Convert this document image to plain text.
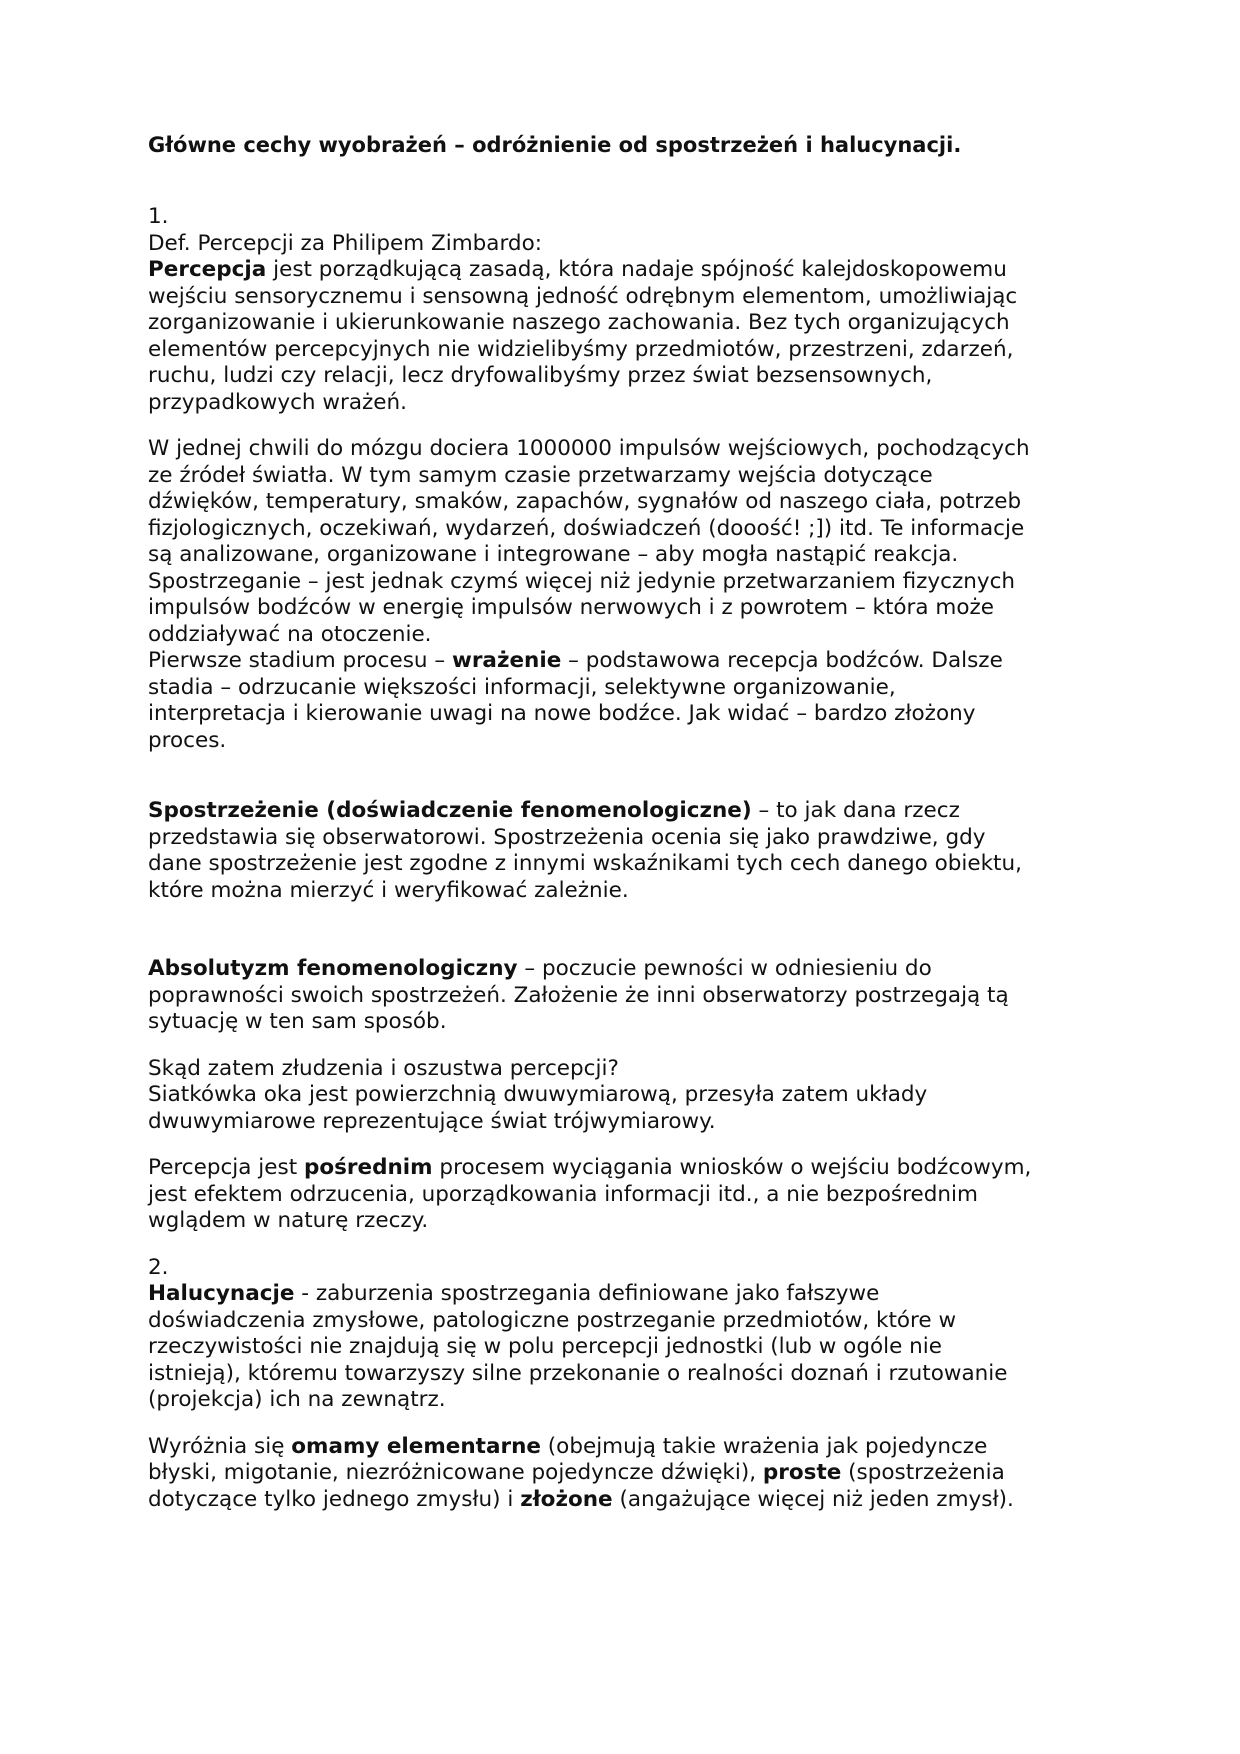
Główne cechy wyobrażeń – odróżnienie od spostrzeżeń i halucynacji.

1.

Def. Percepcji za Philipem Zimbardo:

Percepcja jest porządkującą zasadą, która nadaje spójność kalejdoskopowemu
wejściu sensorycznemu i sensowną jedność odrębnym elementom, umożliwiając
zorganizowanie i ukierunkowanie naszego zachowania. Bez tych organizujących
elementów percepcyjnych nie widzielibyśmy przedmiotów, przestrzeni, zdarzeń,
ruchu, ludzi czy relacji, lecz dryfowalibyśmy przez świat bezsensownych,
przypadkowych wrażeń.

W jednej chwili do mózgu dociera 1000000 impulsów wejściowych, pochodzących
ze źródeł światła. W tym samym czasie przetwarzamy wejścia dotyczące
dźwięków, temperatury, smaków, zapachów, sygnałów od naszego ciała, potrzeb
fizjologicznych, oczekiwań, wydarzeń, doświadczeń (dooość! ;]) itd. Te informacje
są analizowane, organizowane i integrowane – aby mogła nastąpić reakcja.
Spostrzeganie – jest jednak czymś więcej niż jedynie przetwarzaniem fizycznych
impulsów bodźców w energię impulsów nerwowych i z powrotem – która może
oddziaływać na otoczenie.
Pierwsze stadium procesu – wrażenie – podstawowa recepcja bodźców. Dalsze
stadia – odrzucanie większości informacji, selektywne organizowanie,
interpretacja i kierowanie uwagi na nowe bodźce. Jak widać – bardzo złożony
proces.

Spostrzeżenie (doświadczenie fenomenologiczne) – to jak dana rzecz
przedstawia się obserwatorowi. Spostrzeżenia ocenia się jako prawdziwe, gdy
dane spostrzeżenie jest zgodne z innymi wskaźnikami tych cech danego obiektu,
które można mierzyć i weryfikować zależnie.

Absolutyzm fenomenologiczny – poczucie pewności w odniesieniu do
poprawności swoich spostrzeżeń. Założenie że inni obserwatorzy postrzegają tą
sytuację w ten sam sposób.

Skąd zatem złudzenia i oszustwa percepcji?
Siatkówka oka jest powierzchnią dwuwymiarową, przesyła zatem układy
dwuwymiarowe reprezentujące świat trójwymiarowy.

Percepcja jest pośrednim procesem wyciągania wniosków o wejściu bodźcowym,
jest efektem odrzucenia, uporządkowania informacji itd., a nie bezpośrednim
wglądem w naturę rzeczy.

2.

Halucynacje - zaburzenia spostrzegania definiowane jako fałszywe
doświadczenia zmysłowe, patologiczne postrzeganie przedmiotów, które w
rzeczywistości nie znajdują się w polu percepcji jednostki (lub w ogóle nie
istnieją), któremu towarzyszy silne przekonanie o realności doznań i rzutowanie
(projekcja) ich na zewnątrz.

Wyróżnia się omamy elementarne (obejmują takie wrażenia jak pojedyncze
błyski, migotanie, niezróżnicowane pojedyncze dźwięki), proste (spostrzeżenia
dotyczące tylko jednego zmysłu) i złożone (angażujące więcej niż jeden zmysł).
